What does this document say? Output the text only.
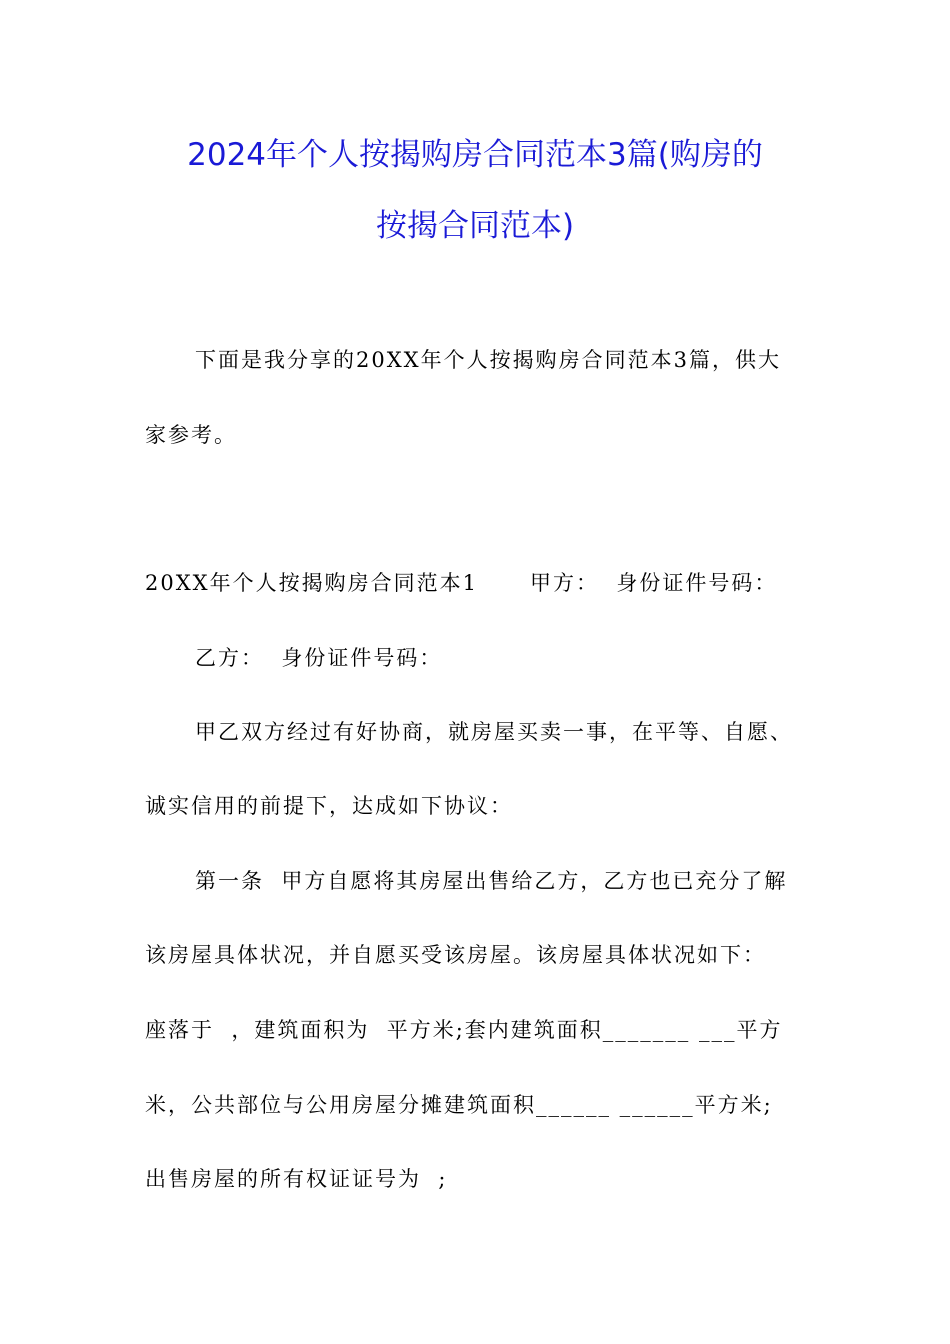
2024年个人按揭购房合同范本3篇(购房的
按揭合同范本)

下面是我分享的20XX年个人按揭购房合同范本3篇，供大

家参考。

20XX年个人按揭购房合同范本1      甲方：  身份证件号码：

乙方：  身份证件号码：

甲乙双方经过有好协商，就房屋买卖一事，在平等、自愿、

诚实信用的前提下，达成如下协议：

第一条  甲方自愿将其房屋出售给乙方，乙方也已充分了解

该房屋具体状况，并自愿买受该房屋。该房屋具体状况如下：

座落于  ，建筑面积为  平方米;套内建筑面积_______ ___平方

米，公共部位与公用房屋分摊建筑面积______ ______平方米;

出售房屋的所有权证证号为  ;
